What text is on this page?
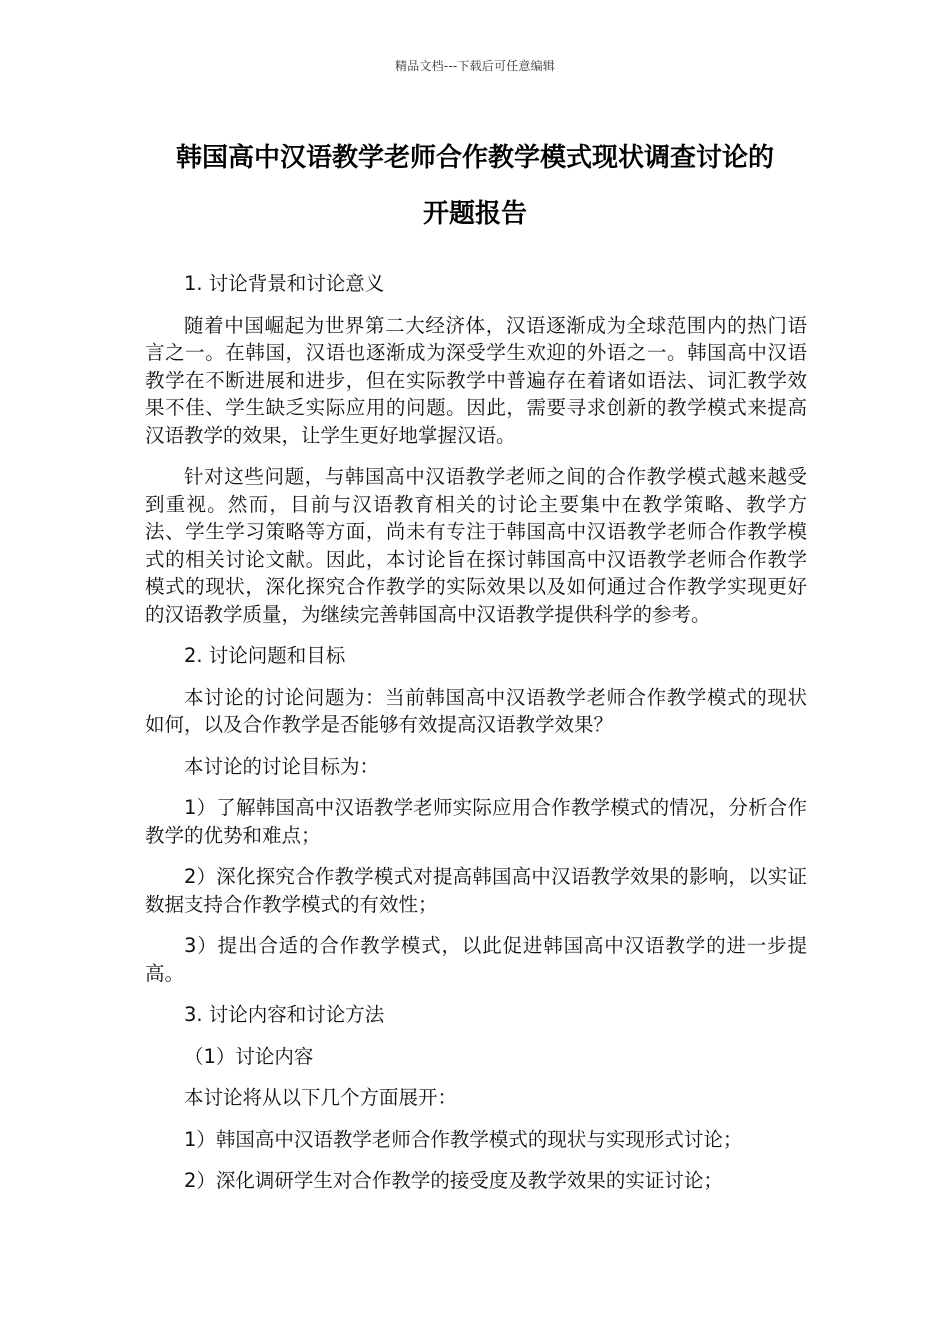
精品文档---下载后可任意编辑
韩国高中汉语教学老师合作教学模式现状调查讨论的
开题报告

1. 讨论背景和讨论意义

随着中国崛起为世界第二大经济体，汉语逐渐成为全球范围内的热门语言之一。在韩国，汉语也逐渐成为深受学生欢迎的外语之一。韩国高中汉语教学在不断进展和进步，但在实际教学中普遍存在着诸如语法、词汇教学效果不佳、学生缺乏实际应用的问题。因此，需要寻求创新的教学模式来提高汉语教学的效果，让学生更好地掌握汉语。

针对这些问题，与韩国高中汉语教学老师之间的合作教学模式越来越受到重视。然而，目前与汉语教育相关的讨论主要集中在教学策略、教学方法、学生学习策略等方面，尚未有专注于韩国高中汉语教学老师合作教学模式的相关讨论文献。因此，本讨论旨在探讨韩国高中汉语教学老师合作教学模式的现状，深化探究合作教学的实际效果以及如何通过合作教学实现更好的汉语教学质量，为继续完善韩国高中汉语教学提供科学的参考。

2. 讨论问题和目标

本讨论的讨论问题为：当前韩国高中汉语教学老师合作教学模式的现状如何，以及合作教学是否能够有效提高汉语教学效果？

本讨论的讨论目标为：

1）了解韩国高中汉语教学老师实际应用合作教学模式的情况，分析合作教学的优势和难点；

2）深化探究合作教学模式对提高韩国高中汉语教学效果的影响，以实证数据支持合作教学模式的有效性；

3）提出合适的合作教学模式，以此促进韩国高中汉语教学的进一步提高。

3. 讨论内容和讨论方法

（1）讨论内容

本讨论将从以下几个方面展开：

1）韩国高中汉语教学老师合作教学模式的现状与实现形式讨论；

2）深化调研学生对合作教学的接受度及教学效果的实证讨论；
